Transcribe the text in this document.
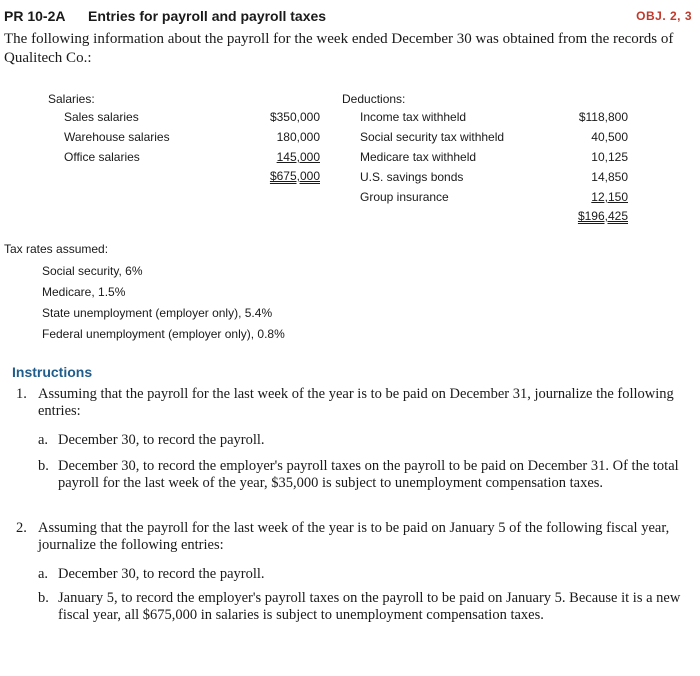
PR 10-2A Entries for payroll and payroll taxes	OBJ. 2, 3
The following information about the payroll for the week ended December 30 was obtained from the records of Qualitech Co.:
Salaries:
Sales salaries	$350,000
Warehouse salaries	180,000
Office salaries	145,000
$675,000
Deductions:
Income tax withheld	$118,800
Social security tax withheld	40,500
Medicare tax withheld	10,125
U.S. savings bonds	14,850
Group insurance	12,150
$196,425
Tax rates assumed:
Social security, 6%
Medicare, 1.5%
State unemployment (employer only), 5.4%
Federal unemployment (employer only), 0.8%
Instructions
1. Assuming that the payroll for the last week of the year is to be paid on December 31, journalize the following entries:
a. December 30, to record the payroll.
b. December 30, to record the employer's payroll taxes on the payroll to be paid on December 31. Of the total payroll for the last week of the year, $35,000 is subject to unemployment compensation taxes.
2. Assuming that the payroll for the last week of the year is to be paid on January 5 of the following fiscal year, journalize the following entries:
a. December 30, to record the payroll.
b. January 5, to record the employer's payroll taxes on the payroll to be paid on January 5. Because it is a new fiscal year, all $675,000 in salaries is subject to unemployment compensation taxes.
